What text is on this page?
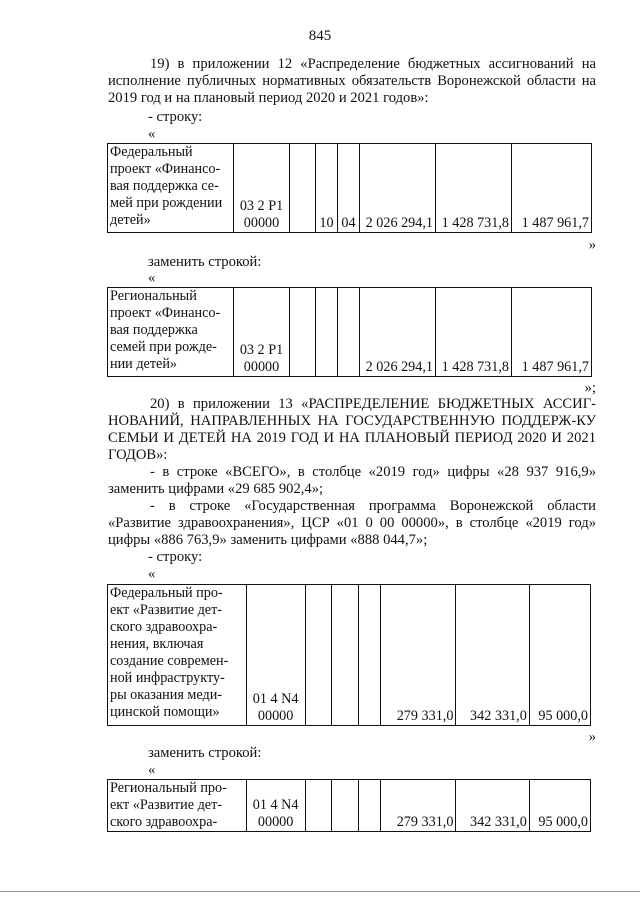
845
19) в приложении 12 «Распределение бюджетных ассигнований на исполнение публичных нормативных обязательств Воронежской области на 2019 год и на плановый период 2020 и 2021 годов»:
- строку:
«
Федеральный
проект «Финансо-
вая поддержка се-
мей при рождении
детей»

03 2 Р1
00000		10	04	2 026 294,1	1 428 731,8	1 487 961,7
»
заменить строкой:
«
Региональный
проект «Финансо-
вая поддержка
семей при рожде-
нии детей»

03 2 Р1
00000				2 026 294,1	1 428 731,8	1 487 961,7
»;
20) в приложении 13 «РАСПРЕДЕЛЕНИЕ БЮДЖЕТНЫХ АССИГ-НОВАНИЙ, НАПРАВЛЕННЫХ НА ГОСУДАРСТВЕННУЮ ПОДДЕРЖ-КУ СЕМЬИ И ДЕТЕЙ НА 2019 ГОД И НА ПЛАНОВЫЙ ПЕРИОД 2020 И 2021 ГОДОВ»:
- в строке «ВСЕГО», в столбце «2019 год» цифры «28 937 916,9» заменить цифрами «29 685 902,4»;
- в строке «Государственная программа Воронежской области «Развитие здравоохранения», ЦСР «01 0 00 00000», в столбце «2019 год» цифры «886 763,9» заменить цифрами «888 044,7»;
- строку:
«
Федеральный про-
ект «Развитие дет-
ского здравоохра-
нения, включая
создание современ-
ной инфраструкту-
ры оказания меди-
цинской помощи»

01 4 N4
00000				279 331,0	342 331,0	95 000,0
»
заменить строкой:
«
Региональный про-
ект «Развитие дет-
ского здравоохра-

01 4 N4
00000				279 331,0	342 331,0	95 000,0
